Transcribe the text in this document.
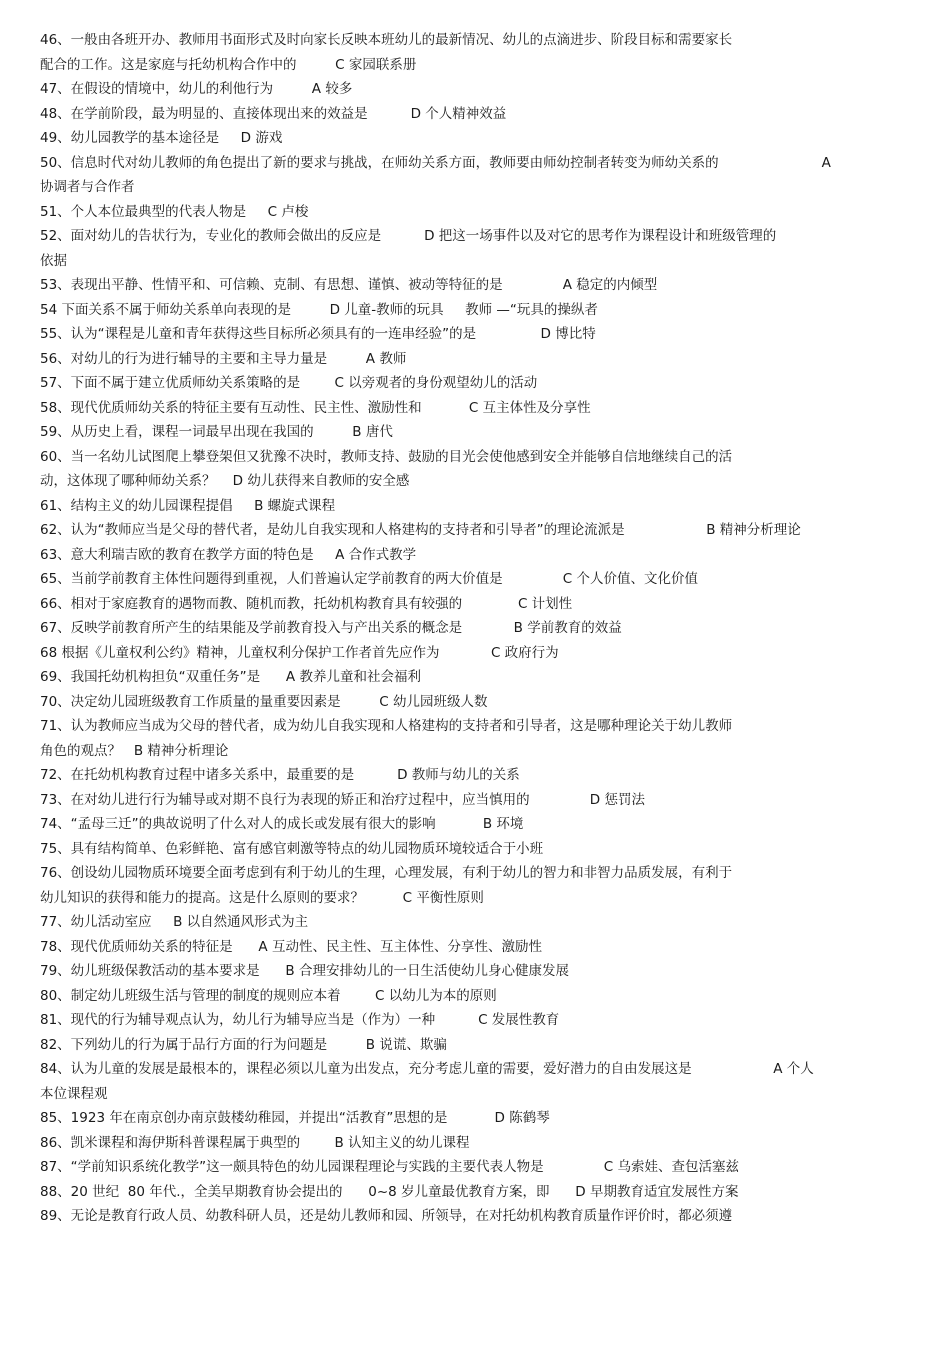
46、一般由各班开办、教师用书面形式及时向家长反映本班幼儿的最新情况、幼儿的点滴进步、阶段目标和需要家长
配合的工作。这是家庭与托幼机构合作中的         C 家园联系册

47、在假设的情境中，幼儿的利他行为         A 较多

48、在学前阶段，最为明显的、直接体现出来的效益是          D 个人精神效益

49、幼儿园教学的基本途径是     D 游戏

50、信息时代对幼儿教师的角色提出了新的要求与挑战，在师幼关系方面，教师要由师幼控制者转变为师幼关系的                        A
协调者与合作者

51、个人本位最典型的代表人物是     C 卢梭

52、面对幼儿的告状行为，专业化的教师会做出的反应是          D 把这一场事件以及对它的思考作为课程设计和班级管理的
依据

53、表现出平静、性情平和、可信赖、克制、有思想、谨慎、被动等特征的是              A 稳定的内倾型

54 下面关系不属于师幼关系单向表现的是         D 儿童-教师的玩具     教师 —“玩具的操纵者

55、认为“课程是儿童和青年获得这些目标所必须具有的一连串经验”的是               D 博比特

56、对幼儿的行为进行辅导的主要和主导力量是         A 教师

57、下面不属于建立优质师幼关系策略的是        C 以旁观者的身份观望幼儿的活动

58、现代优质师幼关系的特征主要有互动性、民主性、激励性和           C 互主体性及分享性

59、从历史上看，课程一词最早出现在我国的         B 唐代

60、当一名幼儿试图爬上攀登架但又犹豫不决时，教师支持、鼓励的目光会使他感到安全并能够自信地继续自己的活
动，这体现了哪种师幼关系？    D 幼儿获得来自教师的安全感

61、结构主义的幼儿园课程提倡     B 螺旋式课程

62、认为“教师应当是父母的替代者，是幼儿自我实现和人格建构的支持者和引导者”的理论流派是                   B 精神分析理论

63、意大利瑞吉欧的教育在教学方面的特色是     A 合作式教学

65、当前学前教育主体性问题得到重视，人们普遍认定学前教育的两大价值是              C 个人价值、文化价值

66、相对于家庭教育的遇物而教、随机而教，托幼机构教育具有较强的             C 计划性

67、反映学前教育所产生的结果能及学前教育投入与产出关系的概念是            B 学前教育的效益

68 根据《儿童权利公约》精神，儿童权利分保护工作者首先应作为            C 政府行为

69、我国托幼机构担负“双重任务”是      A 教养儿童和社会福利

70、决定幼儿园班级教育工作质量的量重要因素是         C 幼儿园班级人数

71、认为教师应当成为父母的替代者，成为幼儿自我实现和人格建构的支持者和引导者，这是哪种理论关于幼儿教师
角色的观点？   B 精神分析理论

72、在托幼机构教育过程中诸多关系中，最重要的是          D 教师与幼儿的关系

73、在对幼儿进行行为辅导或对期不良行为表现的矫正和治疗过程中，应当慎用的              D 惩罚法

74、“孟母三迁”的典故说明了什么对人的成长或发展有很大的影响           B 环境

75、具有结构简单、色彩鲜艳、富有感官刺激等特点的幼儿园物质环境较适合于小班

76、创设幼儿园物质环境要全面考虑到有利于幼儿的生理，心理发展，有利于幼儿的智力和非智力品质发展，有利于
幼儿知识的获得和能力的提高。这是什么原则的要求？         C 平衡性原则

77、幼儿活动室应     B 以自然通风形式为主

78、现代优质师幼关系的特征是      A 互动性、民主性、互主体性、分享性、激励性

79、幼儿班级保教活动的基本要求是      B 合理安排幼儿的一日生活使幼儿身心健康发展

80、制定幼儿班级生活与管理的制度的规则应本着        C 以幼儿为本的原则

81、现代的行为辅导观点认为，幼儿行为辅导应当是（作为）一种          C 发展性教育

82、下列幼儿的行为属于品行方面的行为问题是         B 说谎、欺骗

84、认为儿童的发展是最根本的，课程必须以儿童为出发点，充分考虑儿童的需要，爱好潜力的自由发展这是                   A 个人
本位课程观

85、1923 年在南京创办南京鼓楼幼稚园，并提出“活教育”思想的是           D 陈鹤琴

86、凯米课程和海伊斯科普课程属于典型的        B 认知主义的幼儿课程

87、“学前知识系统化教学”这一颇具特色的幼儿园课程理论与实践的主要代表人物是              C 乌索娃、查包活塞兹

88、20 世纪  80 年代.，全美早期教育协会提出的      0~8 岁儿童最优教育方案，即      D 早期教育适宜发展性方案

89、无论是教育行政人员、幼教科研人员，还是幼儿教师和园、所领导，在对托幼机构教育质量作评价时，都必须遵
